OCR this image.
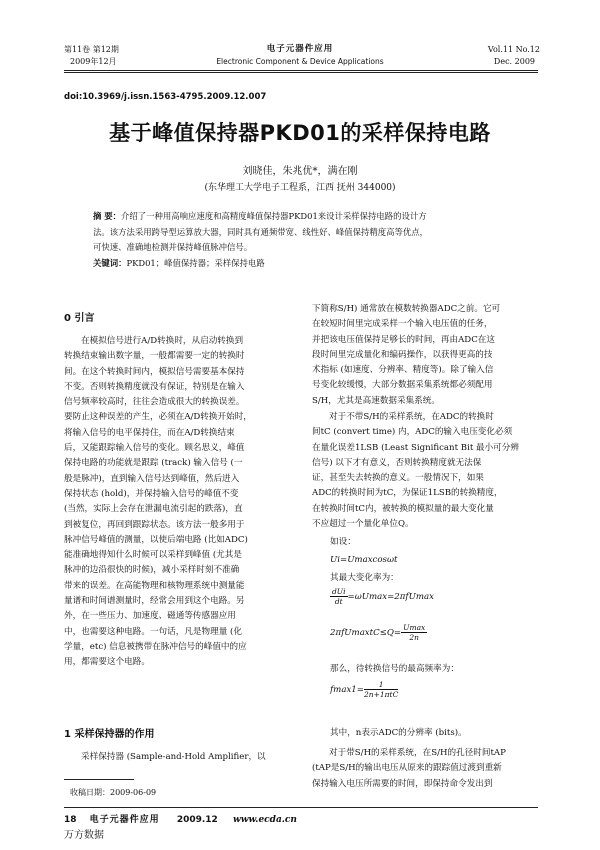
第11卷 第12期
2009年12月
电子元器件应用
Electronic Component & Device Applications
Vol.11 No.12
Dec. 2009
doi:10.3969/j.issn.1563-4795.2009.12.007
基于峰值保持器PKD01的采样保持电路
刘晓佳，朱兆优*，满在刚
(东华理工大学电子工程系，江西 抚州 344000)
摘 要：介绍了一种用高响应速度和高精度峰值保持器PKD01来设计采样保持电路的设计方
法。该方法采用跨导型运算放大器，同时具有通频带宽、线性好、峰值保持精度高等优点，
可快速、准确地检测并保持峰值脉冲信号。
关键词：PKD01；峰值保持器；采样保持电路
0 引言
在模拟信号进行A/D转换时，从启动转换到
转换结束输出数字量，一般都需要一定的转换时
间。在这个转换时间内，模拟信号需要基本保持
不变。否则转换精度就没有保证，特别是在输入
信号频率较高时，往往会造成很大的转换误差。
要防止这种误差的产生，必须在A/D转换开始时，
将输入信号的电平保持住，而在A/D转换结束
后，又能跟踪输入信号的变化。顾名思义，峰值
保持电路的功能就是跟踪 (track) 输入信号 (一
般是脉冲)，直到输入信号达到峰值，然后进入
保持状态 (hold)，并保持输入信号的峰值不变
(当然，实际上会存在泄漏电流引起的跌落)，直
到被复位，再回到跟踪状态。该方法一般多用于
脉冲信号峰值的测量，以使后端电路 (比如ADC)
能准确地得知什么时候可以采样到峰值 (尤其是
脉冲的边沿很快的时候)，减小采样时刻不准确
带来的误差。在高能物理和核物理系统中测量能
量谱和时间谱测量时，经常会用到这个电路。另
外，在一些压力、加速度、磁通等传感器应用
中，也需要这种电路。一句话，凡是物理量 (化
学量，etc) 信息被携带在脉冲信号的峰值中的应
用，都需要这个电路。
1 采样保持器的作用
采样保持器 (Sample-and-Hold Amplifier，以
收稿日期：2009-06-09
下简称S/H) 通常放在模数转换器ADC之前。它可
在较短时间里完成采样一个输入电压值的任务，
并把该电压值保持足够长的时间，再由ADC在这
段时间里完成量化和编码操作，以获得更高的技
术指标 (如速度、分辨率、精度等)。除了输入信
号变化较缓慢，大部分数据采集系统都必须配用
S/H，尤其是高速数据采集系统。
对于不带S/H的采样系统，在ADC的转换时
间tC (convert time) 内，ADC的输入电压变化必须
在量化误差1LSB (Least Significant Bit 最小可分辨
信号) 以下才有意义，否则转换精度就无法保
证，甚至失去转换的意义。一般情况下，如果
ADC的转换时间为tC，为保证1LSB的转换精度，
在转换时间tC内，被转换的模拟量的最大变化量
不应超过一个量化单位Q。
如设：
Ui=Umaxcosωt
其最大变化率为：
$\frac{\text{dUi}}{dt} =\omega Umax=2\pi fUmax$
2πfUmaxtC≤Q= $\frac{Umax}{2n}$
那么，待转换信号的最高频率为：
$fmax1= \frac{1}{\text{2n+1πtC}}$
其中，n表示ADC的分辨率 (bits)。
对于带S/H的采样系统，在S/H的孔径时间tAP
(tAP是S/H的输出电压从原来的跟踪值过渡到重新
保持输入电压所需要的时间，即保持命令发出到
18 电子元器件应用 2009.12 www.ecda.cn
万方数据
